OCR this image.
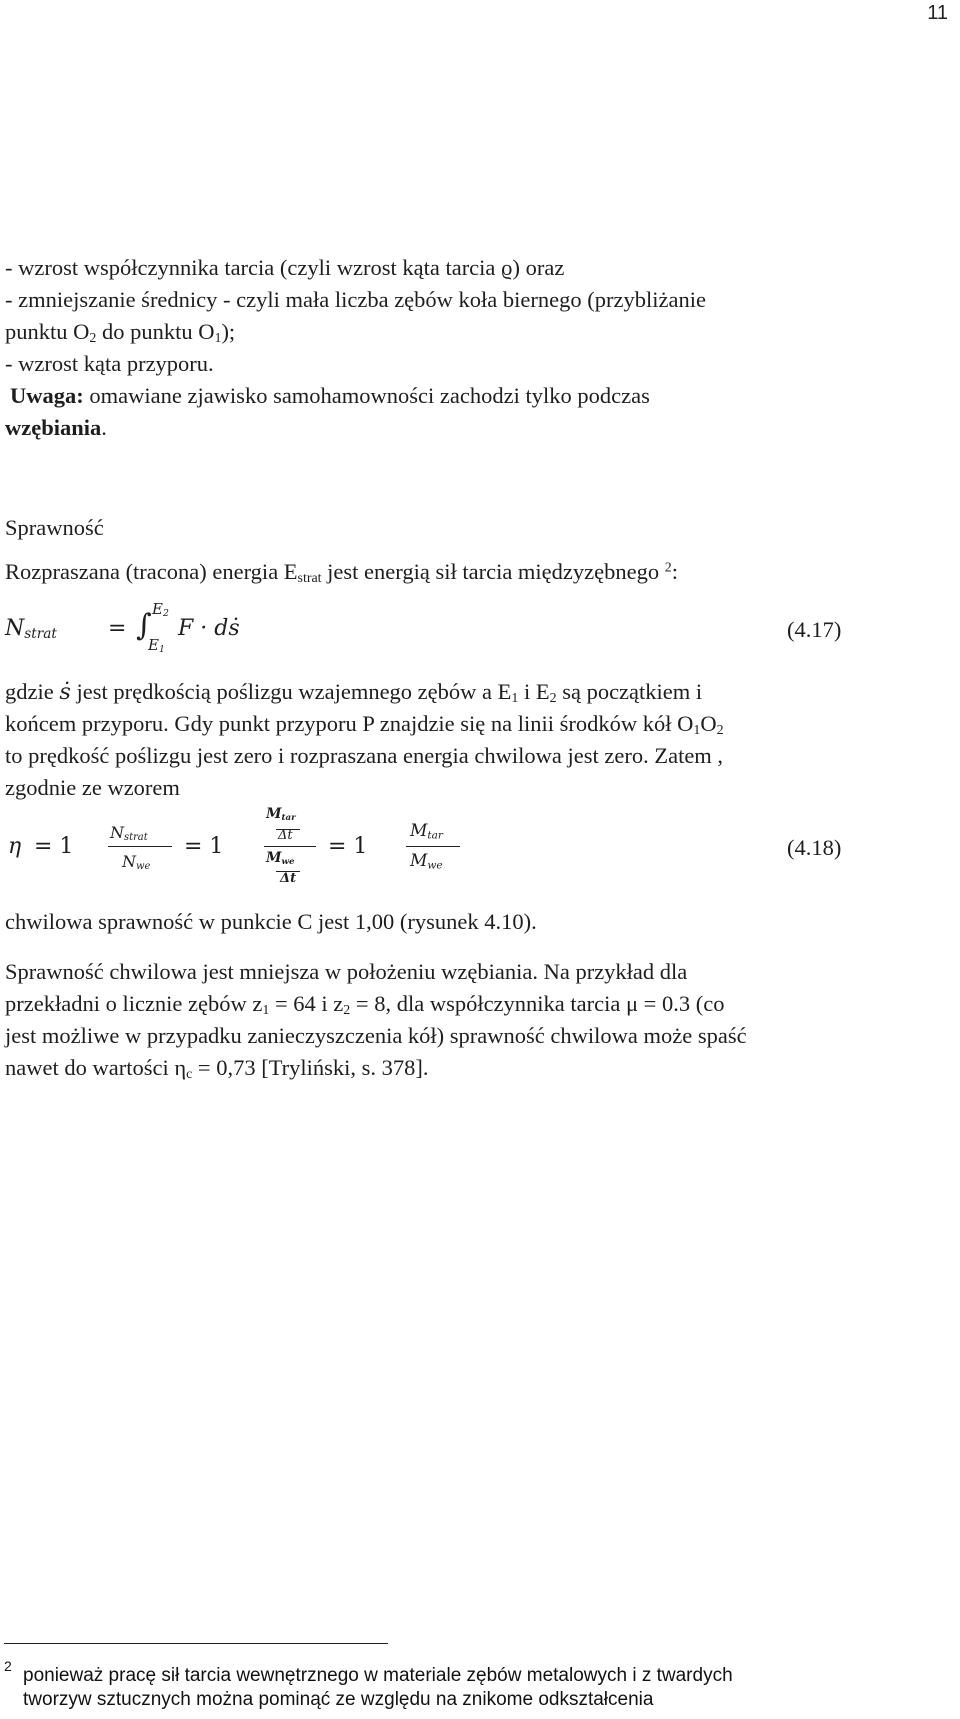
11
- wzrost współczynnika tarcia (czyli wzrost kąta tarcia ϱ) oraz
- zmniejszanie średnicy - czyli mała liczba zębów koła biernego (przybliżanie
punktu $O_2$ do punktu $O_1$);
- wzrost kąta przyporu.
Uwaga: omawiane zjawisko samohamowności zachodzi tylko podczas
wzębiania.
Sprawność
Rozpraszana (tracona) energia $E_{strat}$ jest energią sił tarcia międzyzębnego $^2$:
$N_{strat}$ = ∫ $E_2$
$E_1$
F · dṡ	(4.17)
gdzie ṡ jest prędkością poślizgu wzajemnego zębów a $E_1$ i $E_2$ są początkiem i
końcem przyporu. Gdy punkt przyporu P znajdzie się na linii środków kół $O_1O_2$
to prędkość poślizgu jest zero i rozpraszana energia chwilowa jest zero. Zatem ,
zgodnie ze wzorem
η = 1
$N_{strat}$
$N_{we}$
= 1
$M_{tar}$
Δt
$M_{we}$
Δt
= 1
$M_{tar}$
$M_{we}$
(4.18)
chwilowa sprawność w punkcie C jest 1,00 (rysunek 4.10).
Sprawność chwilowa jest mniejsza w położeniu wzębiania. Na przykład dla
przekładni o licznie zębów $z_1 = 64$ i $z_2 = 8$, dla współczynnika tarcia μ = 0.3 (co
jest możliwe w przypadku zanieczyszczenia kół) sprawność chwilowa może spaść
nawet do wartości $\eta_c = 0,73$ [Tryliński, s. 378].
2 ponieważ pracę sił tarcia wewnętrznego w materiale zębów metalowych i z twardych
tworzyw sztucznych można pominąć ze względu na znikome odkształcenia
